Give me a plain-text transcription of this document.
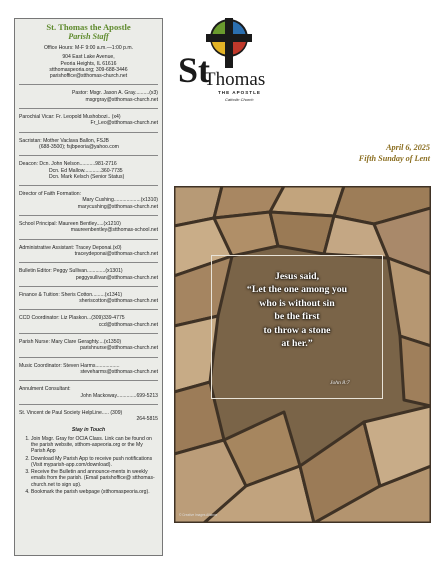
St. Thomas the Apostle
Parish Staff
Office Hours: M-F 9:00 a.m.—1:00 p.m.
904 East Lake Avenue,
Peoria Heights, IL 61616
stthomaspeoria.org; 309-688-3446
parishoffice@stthomas-church.net
Pastor: Msgr. Jason A. Gray..........(x3)
msgrgray@stthomas-church.net
Parochial Vicar: Fr. Leopold Mushobozi.. (x4)
Fr_Leo@stthomas-church.net
Sacristan: Mother Vaclava Ballon, FSJB
(688-3500); fsjbpeoria@yahoo.com
Deacon: Dcn. John Nelson...........981-2716
Dcn. Ed Mallow............360-7735
Dcn. Mark Kelsch (Senior Status)
Director of Faith Formation:
Mary Cushing...................(x1310)
marycushing@stthomas-church.net
School Principal: Maureen Bentley.....(x1210)
maureenbentley@stthomas-school.net
Administrative Assistant: Tracey Deponai.(x0)
traceydeponai@stthomas-church.net
Bulletin Editor: Peggy Sullivan.............(x1301)
peggysullivan@stthomas-church.net
Finance & Tuition: Sheris Cotton.........(x1341)
sheriscotton@stthomas-church.net
CCD Coordinator: Liz Plaskon...(309)339-4775
ccd@stthomas-church.net
Parish Nurse: Mary Clare Geraghty....(x1350)
parishnurse@stthomas-church.net
Music Coordinator: Steven Harms.................
steveharms@stthomas-church.net
Annulment Consultant:
John Mackoway..............699-5213
St. Vincent de Paul Society HelpLine..... (309)
264-5815
Stay in Touch
1. Join Msgr. Gray for OCIA Class. Link can be found on the parish website, stthom-aspeoria.org or the My Parish App
2. Download My Parish App to receive push notifications (Visit myparish-app.com/download).
3. Receive the Bulletin and announce-ments in weekly emails from the parish. (Email parishoffice@ stthomas-church.net to sign up).
4. Bookmark the parish webpage (stthomaspeoria.org).
St
Thomas
THE APOSTLE
Catholic Church
April 6, 2025
Fifth Sunday of Lent
Jesus said,
“Let the one among you
who is without sin
be the first
to throw a stone
at her.”
John 8:7
© Creative Images Alliance
